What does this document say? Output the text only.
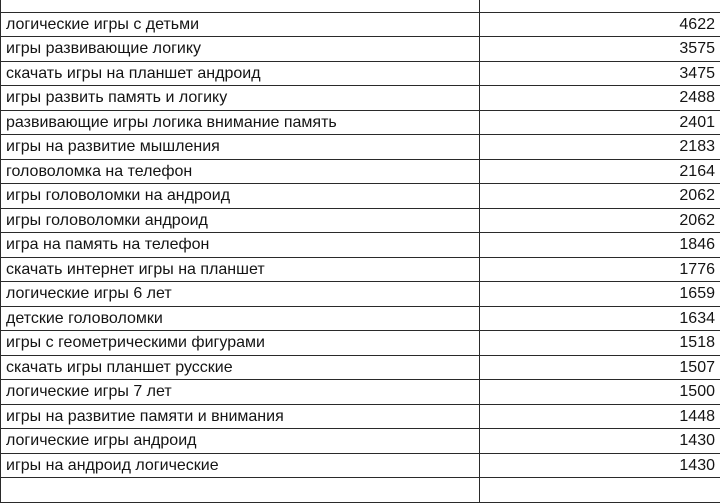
логические игры с детьми	4622
игры развивающие логику	3575
скачать игры на планшет андроид	3475
игры развить память и логику	2488
развивающие игры логика внимание память	2401
игры на развитие мышления	2183
головоломка на телефон	2164
игры головоломки на андроид	2062
игры головоломки андроид	2062
игра на память на телефон	1846
скачать интернет игры на планшет	1776
логические игры 6 лет	1659
детские головоломки	1634
игры с геометрическими фигурами	1518
скачать игры планшет русские	1507
логические игры 7 лет	1500
игры на развитие памяти и внимания	1448
логические игры андроид	1430
игры на андроид логические	1430
